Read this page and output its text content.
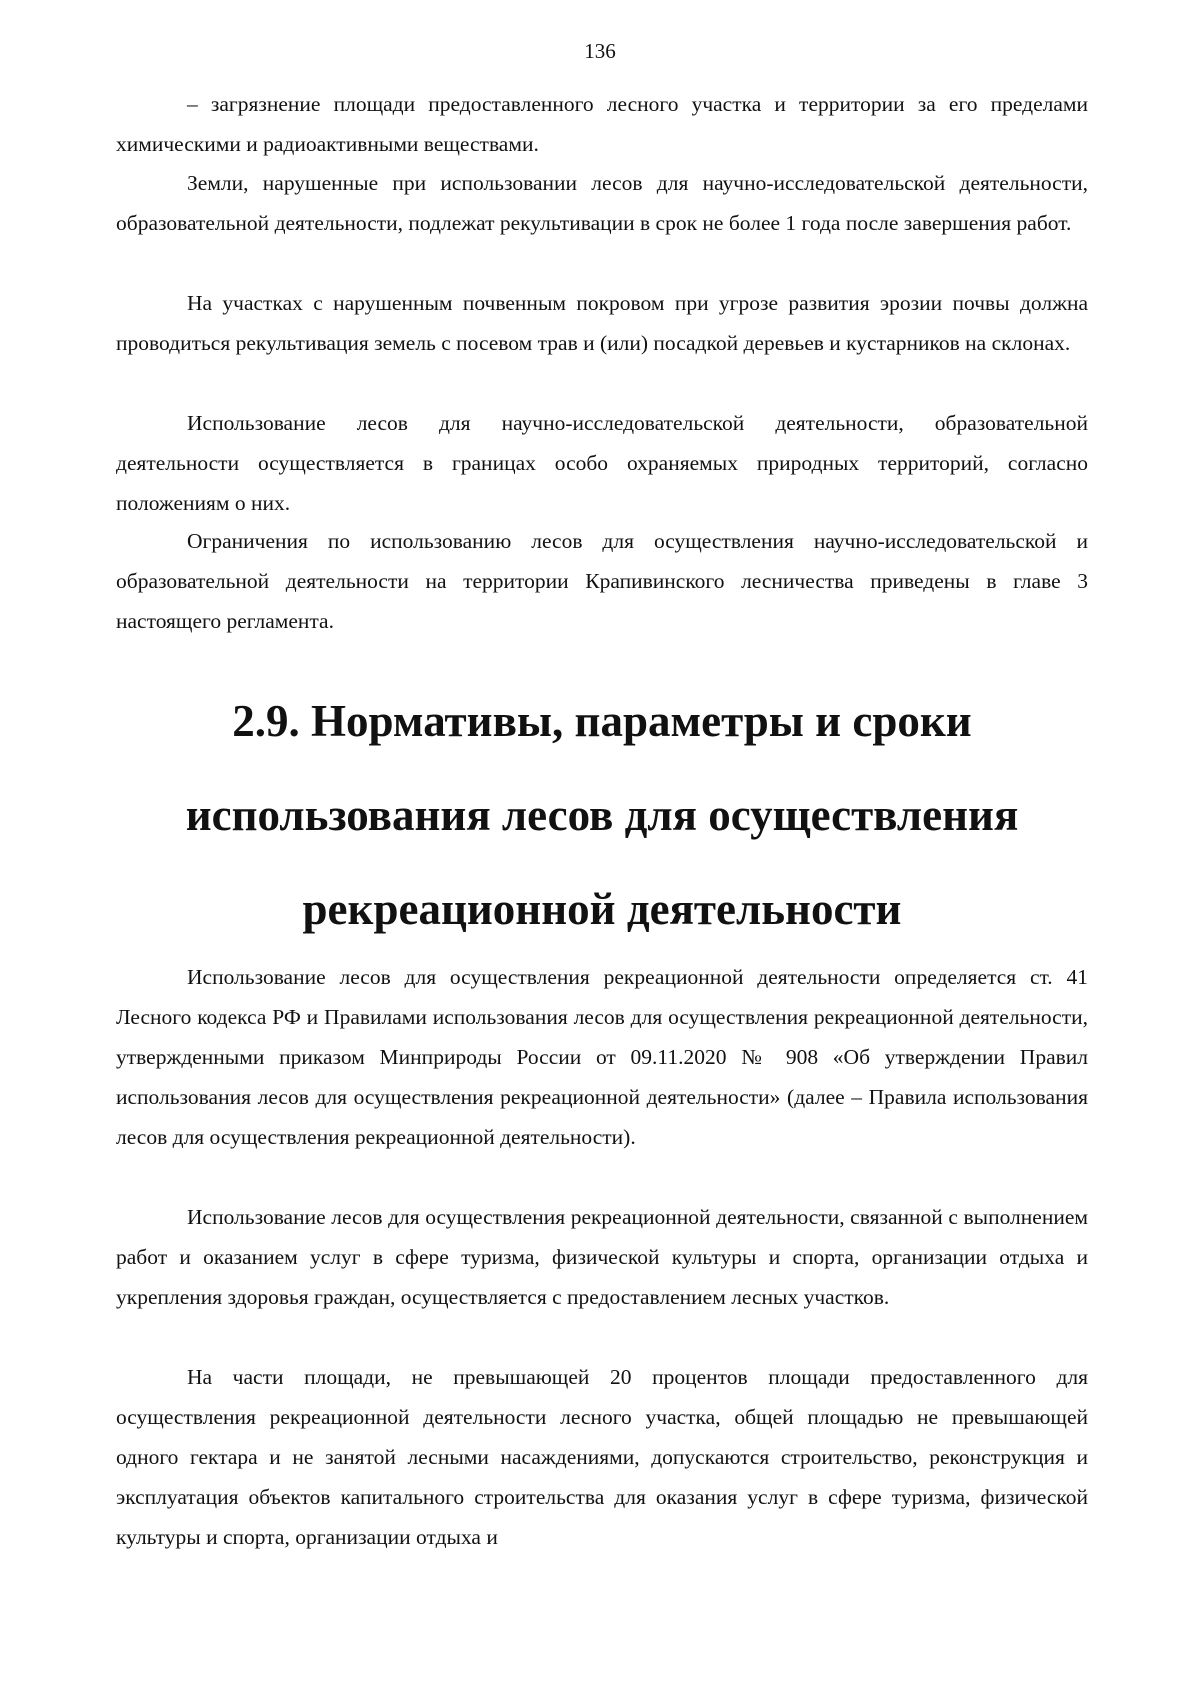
136

– загрязнение площади предоставленного лесного участка и территории за его пределами химическими и радиоактивными веществами.

Земли, нарушенные при использовании лесов для научно-исследовательской деятельности, образовательной деятельности, подлежат рекультивации в срок не более 1 года после завершения работ.

На участках с нарушенным почвенным покровом при угрозе развития эрозии почвы должна проводиться рекультивация земель с посевом трав и (или) посадкой деревьев и кустарников на склонах.

Использование лесов для научно-исследовательской деятельности, образовательной деятельности осуществляется в границах особо охраняемых природных территорий, согласно положениям о них.

Ограничения по использованию лесов для осуществления научно-исследовательской и образовательной деятельности на территории Крапивинского лесничества приведены в главе 3 настоящего регламента.

2.9. Нормативы, параметры и сроки использования лесов для осуществления рекреационной деятельности

Использование лесов для осуществления рекреационной деятельности определяется ст. 41 Лесного кодекса РФ и Правилами использования лесов для осуществления рекреационной деятельности, утвержденными приказом Минприроды России от 09.11.2020 № 908 «Об утверждении Правил использования лесов для осуществления рекреационной деятельности» (далее – Правила использования лесов для осуществления рекреационной деятельности).

Использование лесов для осуществления рекреационной деятельности, связанной с выполнением работ и оказанием услуг в сфере туризма, физической культуры и спорта, организации отдыха и укрепления здоровья граждан, осуществляется с предоставлением лесных участков.

На части площади, не превышающей 20 процентов площади предоставленного для осуществления рекреационной деятельности лесного участка, общей площадью не превышающей одного гектара и не занятой лесными насаждениями, допускаются строительство, реконструкция и эксплуатация объектов капитального строительства для оказания услуг в сфере туризма, физической культуры и спорта, организации отдыха и
